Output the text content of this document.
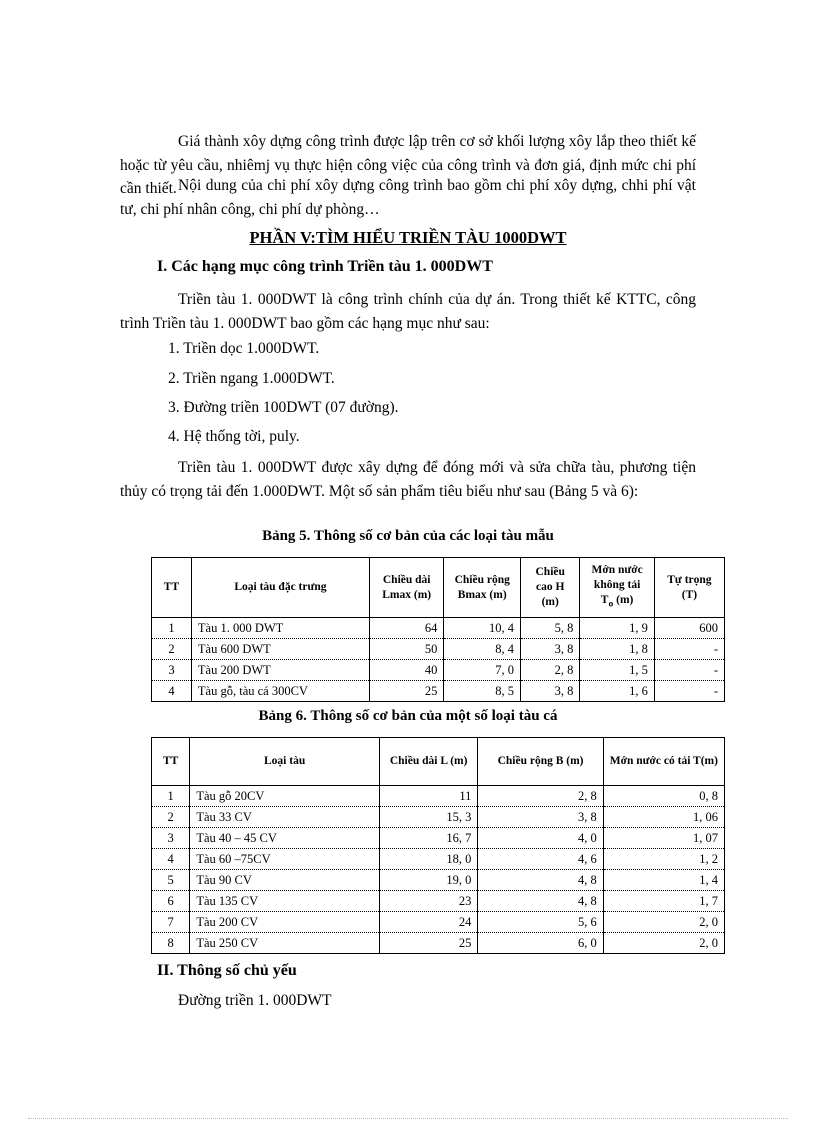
Giá thành xôy dựng công trình được lập trên cơ sở khối lượng xôy lắp theo thiết kế hoặc từ yêu cầu, nhiêmj vụ thực hiện công việc của công trình và đơn giá, định mức chi phí cần thiết. Nội dung của chi phí xôy dựng công trình bao gồm chi phí xôy dựng, chhi phí vật tư, chi phí nhân công, chi phí dự phòng…

PHẦN V:TÌM HIỂU TRIỀN TÀU 1000DWT
I. Các hạng mục công trình Triền tàu 1. 000DWT

Triền tàu 1. 000DWT là công trình chính của dự án. Trong thiết kế KTTC, công trình Triền tàu 1. 000DWT bao gồm các hạng mục như sau:

1. Triền dọc 1.000DWT.
2. Triền ngang 1.000DWT.
3. Đường triền 100DWT (07 đường).
4. Hệ thống tời, puly.

Triền tàu 1. 000DWT được xây dựng để đóng mới và sửa chữa tàu, phương tiện thủy có trọng tải đến 1.000DWT. Một số sản phẩm tiêu biểu như sau (Bảng 5 và 6):

Bảng 5. Thông số cơ bản của các loại tàu mẫu
TT	Loại tàu đặc trưng	Chiều dài Lmax (m)	Chiều rộng Bmax (m)	Chiều cao H (m)	Mớn nước không tải
$T_o$ (m)	Tự trọng (T)
1	Tàu 1. 000 DWT	64	10, 4	5, 8	1, 9	600
2	Tàu 600 DWT	50	8, 4	3, 8	1, 8	-
3	Tàu 200 DWT	40	7, 0	2, 8	1, 5	-
4	Tàu gỗ, tàu cá 300CV	25	8, 5	3, 8	1, 6	-
Bảng 6. Thông số cơ bản của một số loại tàu cá
TT	Loại tàu	Chiều dài L (m)	Chiều rộng B (m)	Mớn nước có tải T(m)
1	Tàu gỗ 20CV	11	2, 8	0, 8
2	Tàu 33 CV	15, 3	3, 8	1, 06
3	Tàu 40 – 45 CV	16, 7	4, 0	1, 07
4	Tàu 60 –75CV	18, 0	4, 6	1, 2
5	Tàu 90 CV	19, 0	4, 8	1, 4
6	Tàu 135 CV	23	4, 8	1, 7
7	Tàu 200 CV	24	5, 6	2, 0
8	Tàu 250 CV	25	6, 0	2, 0
II. Thông số chủ yếu
Đường triền 1. 000DWT
